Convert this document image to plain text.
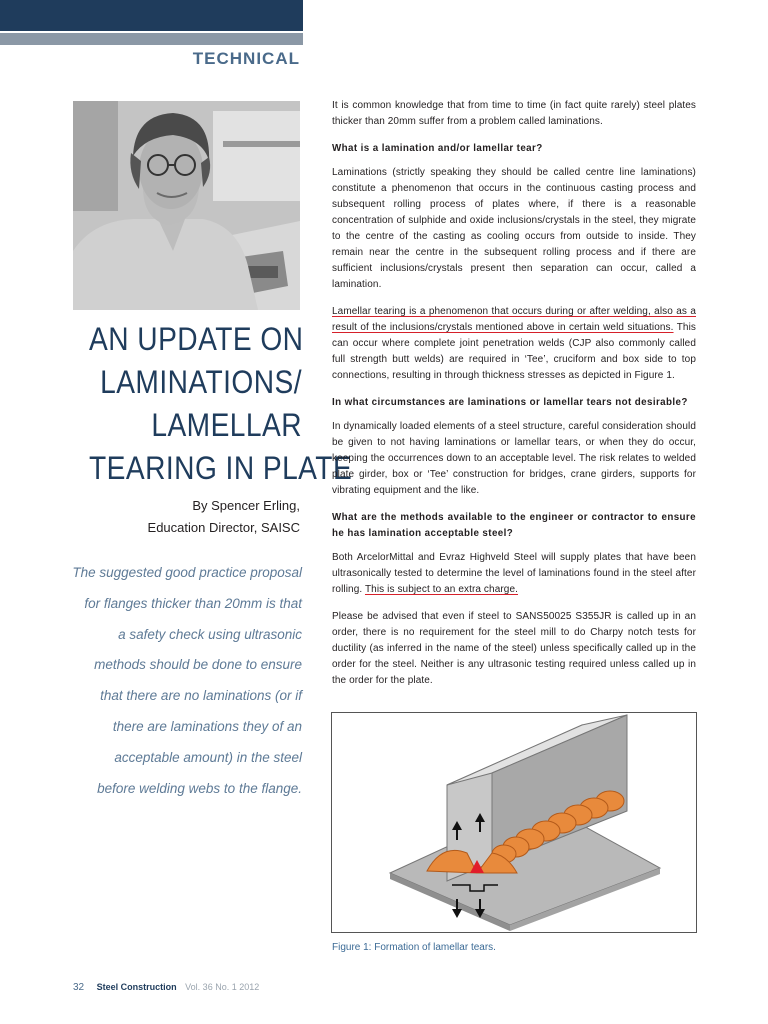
TECHNICAL
AN UPDATE ON
LAMINATIONS/
LAMELLAR
TEARING IN PLATE
By Spencer Erling,
Education Director, SAISC
The suggested good practice proposal
for flanges thicker than 20mm is that
a safety check using ultrasonic
methods should be done to ensure
that there are no laminations (or if
there are laminations they of an
acceptable amount) in the steel
before welding webs to the flange.

It is common knowledge that from time to time (in fact quite rarely) steel plates thicker than 20mm suffer from a problem called laminations.

What is a lamination and/or lamellar tear?

Laminations (strictly speaking they should be called centre line laminations) constitute a phenomenon that occurs in the continuous casting process and subsequent rolling process of plates where, if there is a reasonable concentration of sulphide and oxide inclusions/crystals in the steel, they migrate to the centre of the casting as cooling occurs from outside to inside. They remain near the centre in the subsequent rolling process and if there are sufficient inclusions/crystals present then separation can occur, called a lamination.

Lamellar tearing is a phenomenon that occurs during or after welding, also as a result of the inclusions/crystals mentioned above in certain weld situations. This can occur where complete joint penetration welds (CJP also commonly called full strength butt welds) are required in ‘Tee’, cruciform and box side to top connections, resulting in through thickness stresses as depicted in Figure 1.

In what circumstances are laminations or lamellar tears not desirable?

In dynamically loaded elements of a steel structure, careful consideration should be given to not having laminations or lamellar tears, or when they do occur, keeping the occurrences down to an acceptable level. The risk relates to welded plate girder, box or ‘Tee’ construction for bridges, crane girders, supports for vibrating equipment and the like.

What are the methods available to the engineer or contractor to ensure he has lamination acceptable steel?

Both ArcelorMittal and Evraz Highveld Steel will supply plates that have been ultrasonically tested to determine the level of laminations found in the steel after rolling. This is subject to an extra charge.

Please be advised that even if steel to SANS50025 S355JR is called up in an order, there is no requirement for the steel mill to do Charpy notch tests for ductility (as inferred in the name of the steel) unless specifically called up in the order for the steel. Neither is any ultrasonic testing required unless called up in the order for the plate.

Figure 1: Formation of lamellar tears.
32 Steel Construction Vol. 36 No. 1 2012
